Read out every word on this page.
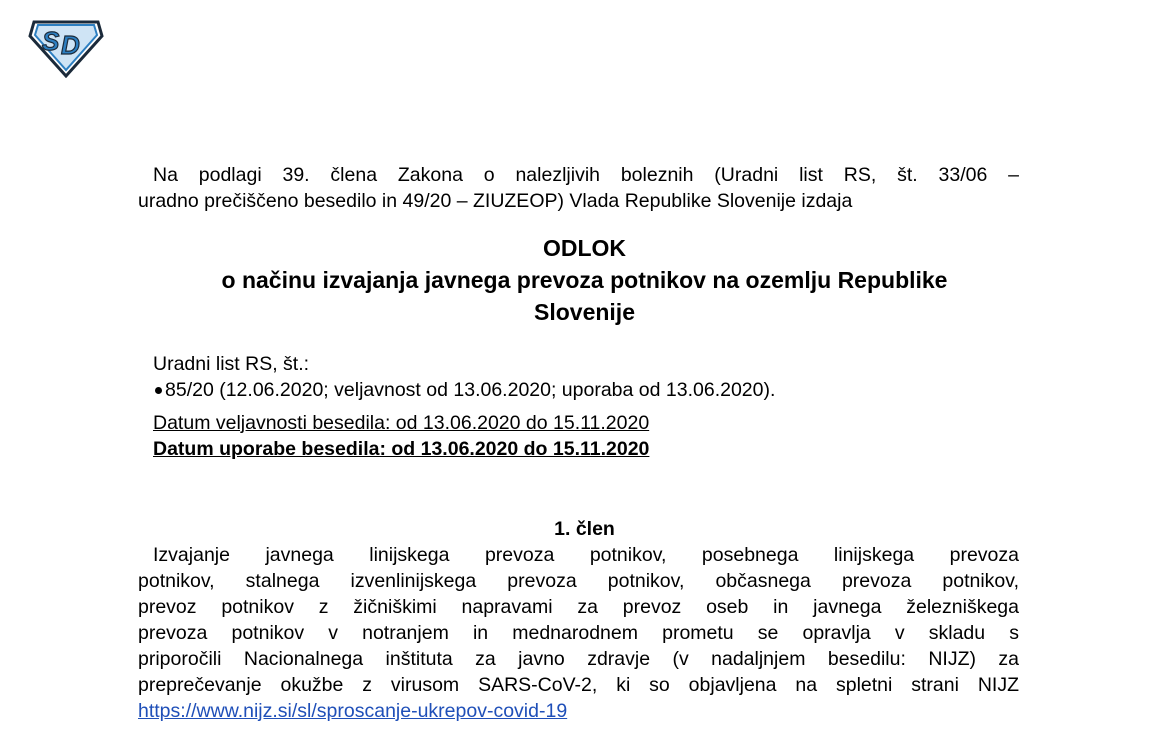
S D

Na podlagi 39. člena Zakona o nalezljivih boleznih (Uradni list RS, št. 33/06 –

uradno prečiščeno besedilo in 49/20 – ZIUZEOP) Vlada Republike Slovenije izdaja

ODLOK

o načinu izvajanja javnega prevoza potnikov na ozemlju Republike

Slovenije

Uradni list RS, št.:
85/20 (12.06.2020; veljavnost od 13.06.2020; uporaba od 13.06.2020).
Datum veljavnosti besedila: od 13.06.2020 do 15.11.2020
Datum uporabe besedila: od 13.06.2020 do 15.11.2020

1. člen

Izvajanje javnega linijskega prevoza potnikov, posebnega linijskega prevoza

potnikov, stalnega izvenlinijskega prevoza potnikov, občasnega prevoza potnikov,

prevoz potnikov z žičniškimi napravami za prevoz oseb in javnega železniškega

prevoza potnikov v notranjem in mednarodnem prometu se opravlja v skladu s

priporočili Nacionalnega inštituta za javno zdravje (v nadaljnjem besedilu: NIJZ) za

preprečevanje okužbe z virusom SARS-CoV-2, ki so objavljena na spletni strani NIJZ

https://www.nijz.si/sl/sproscanje-ukrepov-covid-19
